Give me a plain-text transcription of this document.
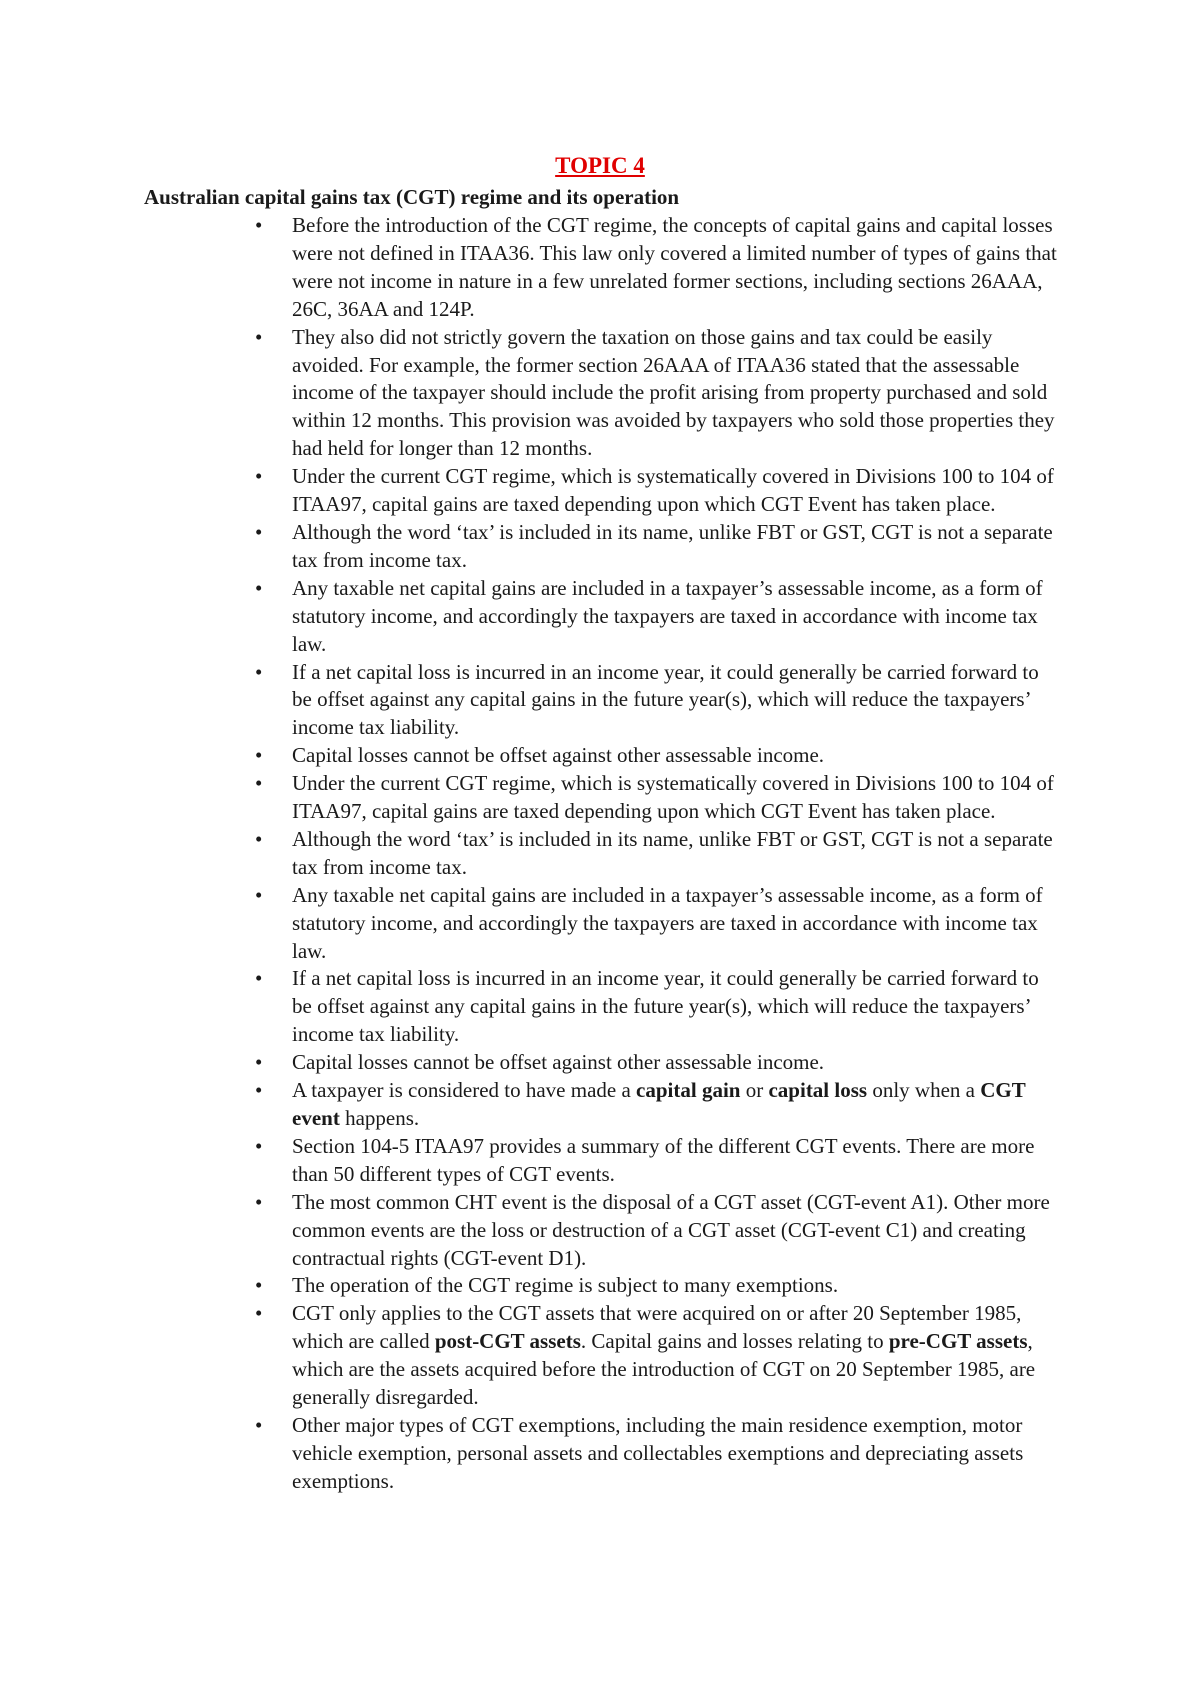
TOPIC 4
Australian capital gains tax (CGT) regime and its operation
• Before the introduction of the CGT regime, the concepts of capital gains and capital losses were not defined in ITAA36. This law only covered a limited number of types of gains that were not income in nature in a few unrelated former sections, including sections 26AAA, 26C, 36AA and 124P.
• They also did not strictly govern the taxation on those gains and tax could be easily avoided. For example, the former section 26AAA of ITAA36 stated that the assessable income of the taxpayer should include the profit arising from property purchased and sold within 12 months. This provision was avoided by taxpayers who sold those properties they had held for longer than 12 months.
• Under the current CGT regime, which is systematically covered in Divisions 100 to 104 of ITAA97, capital gains are taxed depending upon which CGT Event has taken place.
• Although the word ‘tax’ is included in its name, unlike FBT or GST, CGT is not a separate tax from income tax.
• Any taxable net capital gains are included in a taxpayer’s assessable income, as a form of statutory income, and accordingly the taxpayers are taxed in accordance with income tax law.
• If a net capital loss is incurred in an income year, it could generally be carried forward to be offset against any capital gains in the future year(s), which will reduce the taxpayers’ income tax liability.
• Capital losses cannot be offset against other assessable income.
• Under the current CGT regime, which is systematically covered in Divisions 100 to 104 of ITAA97, capital gains are taxed depending upon which CGT Event has taken place.
• Although the word ‘tax’ is included in its name, unlike FBT or GST, CGT is not a separate tax from income tax.
• Any taxable net capital gains are included in a taxpayer’s assessable income, as a form of statutory income, and accordingly the taxpayers are taxed in accordance with income tax law.
• If a net capital loss is incurred in an income year, it could generally be carried forward to be offset against any capital gains in the future year(s), which will reduce the taxpayers’ income tax liability.
• Capital losses cannot be offset against other assessable income.
• A taxpayer is considered to have made a capital gain or capital loss only when a CGT event happens.
• Section 104-5 ITAA97 provides a summary of the different CGT events. There are more than 50 different types of CGT events.
• The most common CHT event is the disposal of a CGT asset (CGT-event A1). Other more common events are the loss or destruction of a CGT asset (CGT-event C1) and creating contractual rights (CGT-event D1).
• The operation of the CGT regime is subject to many exemptions.
• CGT only applies to the CGT assets that were acquired on or after 20 September 1985, which are called post-CGT assets. Capital gains and losses relating to pre-CGT assets, which are the assets acquired before the introduction of CGT on 20 September 1985, are generally disregarded.
• Other major types of CGT exemptions, including the main residence exemption, motor vehicle exemption, personal assets and collectables exemptions and depreciating assets exemptions.
